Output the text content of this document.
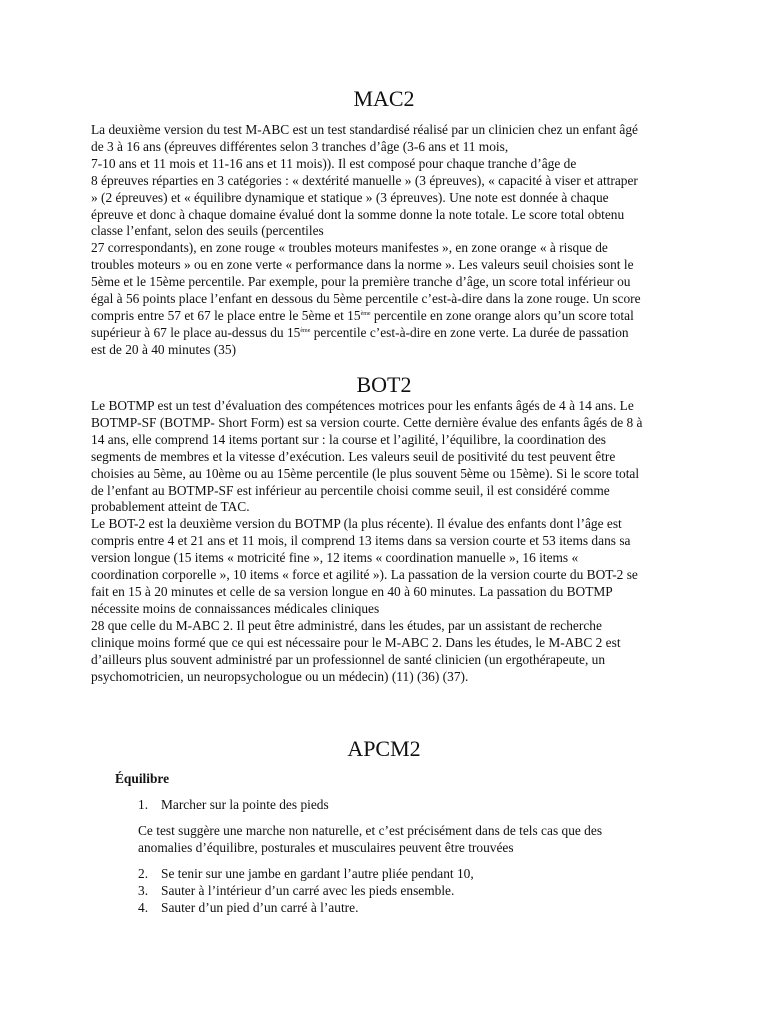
MAC2
La deuxième version du test M-ABC est un test standardisé réalisé par un clinicien chez un enfant âgé
de 3 à 16 ans (épreuves différentes selon 3 tranches d’âge (3-6 ans et 11 mois,
7-10 ans et 11 mois et 11-16 ans et 11 mois)). Il est composé pour chaque tranche d’âge de
8 épreuves réparties en 3 catégories : « dextérité manuelle » (3 épreuves), « capacité à viser et attraper
» (2 épreuves) et « équilibre dynamique et statique » (3 épreuves). Une note est donnée à chaque
épreuve et donc à chaque domaine évalué dont la somme donne la note totale. Le score total obtenu
classe l’enfant, selon des seuils (percentiles
27 correspondants), en zone rouge « troubles moteurs manifestes », en zone orange « à risque de
troubles moteurs » ou en zone verte « performance dans la norme ». Les valeurs seuil choisies sont le
5ème et le 15ème percentile. Par exemple, pour la première tranche d’âge, un score total inférieur ou
égal à 56 points place l’enfant en dessous du 5ème percentile c’est-à-dire dans la zone rouge. Un score
compris entre 57 et 67 le place entre le 5ème et 15ème percentile en zone orange alors qu’un score total
supérieur à 67 le place au-dessus du 15ème percentile c’est-à-dire en zone verte. La durée de passation
est de 20 à 40 minutes (35)
BOT2
Le BOTMP est un test d’évaluation des compétences motrices pour les enfants âgés de 4 à 14 ans. Le
BOTMP-SF (BOTMP- Short Form) est sa version courte. Cette dernière évalue des enfants âgés de 8 à
14 ans, elle comprend 14 items portant sur : la course et l’agilité, l’équilibre, la coordination des
segments de membres et la vitesse d’exécution. Les valeurs seuil de positivité du test peuvent être
choisies au 5ème, au 10ème ou au 15ème percentile (le plus souvent 5ème ou 15ème). Si le score total
de l’enfant au BOTMP-SF est inférieur au percentile choisi comme seuil, il est considéré comme
probablement atteint de TAC.
Le BOT-2 est la deuxième version du BOTMP (la plus récente). Il évalue des enfants dont l’âge est
compris entre 4 et 21 ans et 11 mois, il comprend 13 items dans sa version courte et 53 items dans sa
version longue (15 items « motricité fine », 12 items « coordination manuelle », 16 items «
coordination corporelle », 10 items « force et agilité »). La passation de la version courte du BOT-2 se
fait en 15 à 20 minutes et celle de sa version longue en 40 à 60 minutes. La passation du BOTMP
nécessite moins de connaissances médicales cliniques
28 que celle du M-ABC 2. Il peut être administré, dans les études, par un assistant de recherche
clinique moins formé que ce qui est nécessaire pour le M-ABC 2. Dans les études, le M-ABC 2 est
d’ailleurs plus souvent administré par un professionnel de santé clinicien (un ergothérapeute, un
psychomotricien, un neuropsychologue ou un médecin) (11) (36) (37).
APCM2

Équilibre

1. Marcher sur la pointe des pieds
Ce test suggère une marche non naturelle, et c’est précisément dans de tels cas que des
anomalies d’équilibre, posturales et musculaires peuvent être trouvées
2. Se tenir sur une jambe en gardant l’autre pliée pendant 10,
3. Sauter à l’intérieur d’un carré avec les pieds ensemble.
4. Sauter d’un pied d’un carré à l’autre.
